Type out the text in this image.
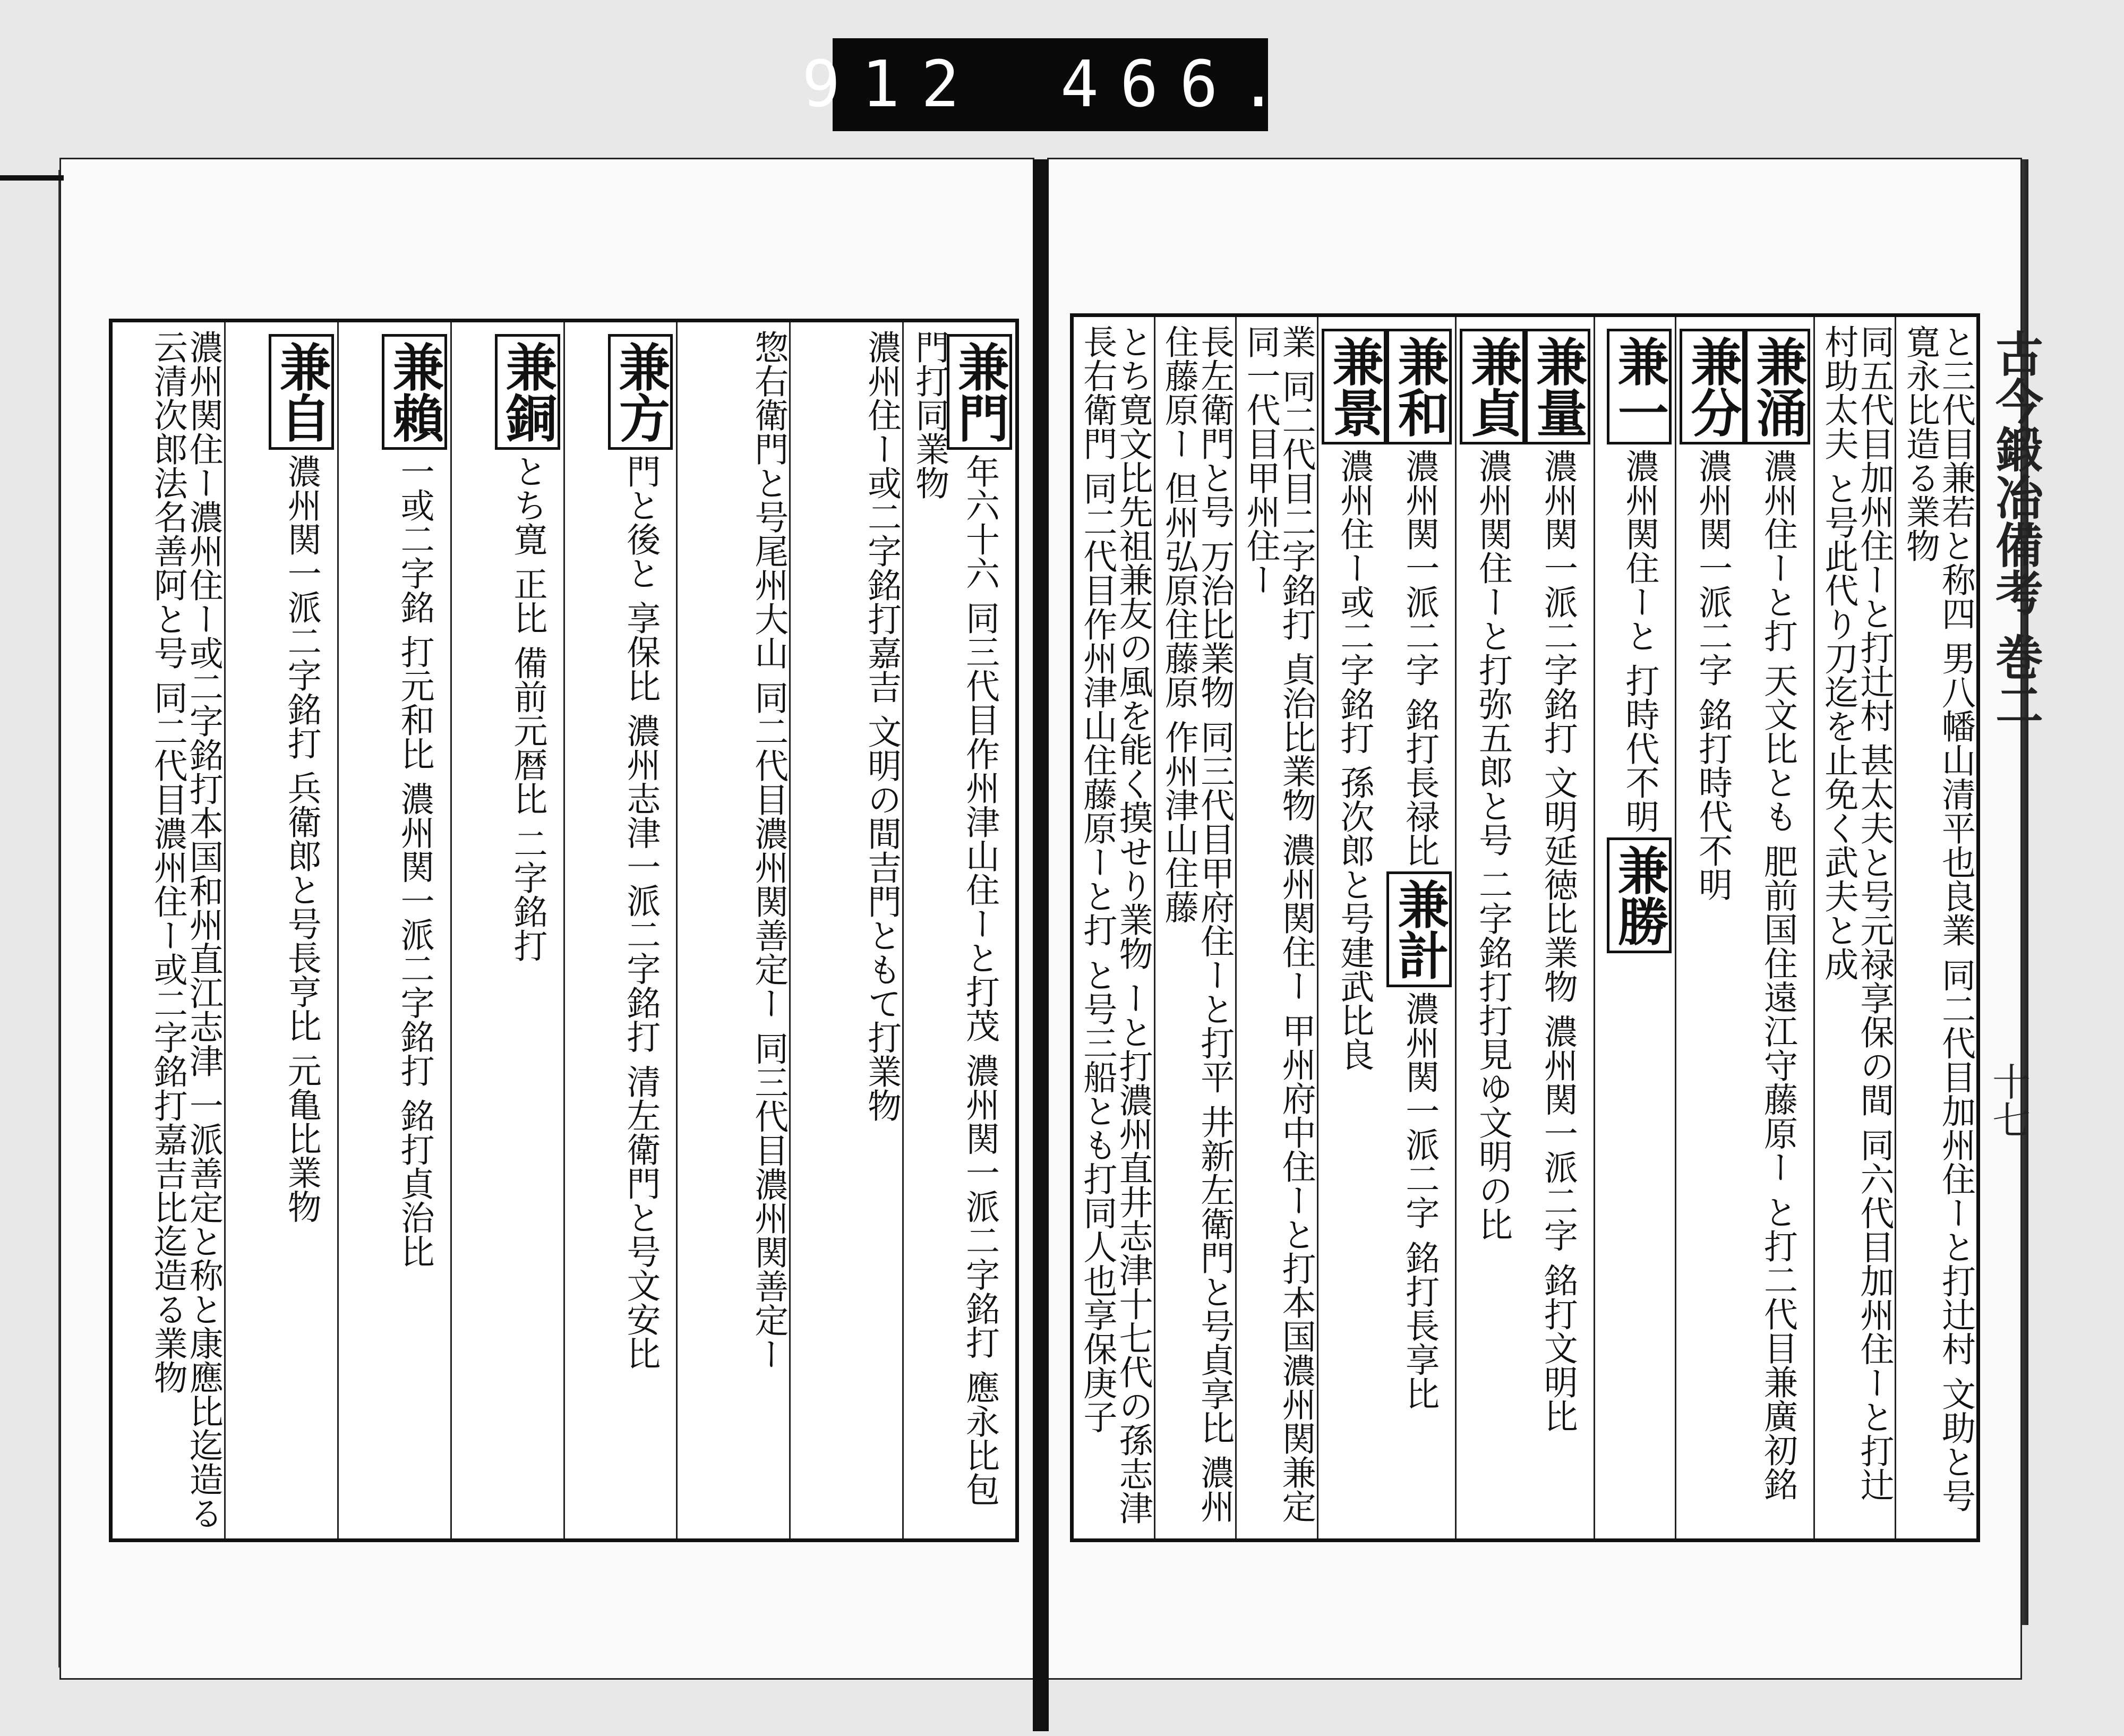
912 466.
古今鍛冶備考 巻二
十七
兼門年六十六 同三代目作州津山住ーと打茂 濃州関一派二字銘打 應永比包門打同業物
濃州住ー或二字銘打嘉吉 文明の間吉門ともて打業物
惣右衛門と号尾州大山 同二代目濃州関善定ー 同三代目濃州関善定ー
兼方門と後と 享保比 濃州志津一派二字銘打 清左衛門と号文安比
兼銅とち寛 正比 備前元暦比 二字銘打
兼賴一或二字銘 打元和比 濃州関一派二字銘打 銘打貞治比
兼自濃州関一派二字銘打 兵衛郎と号長亨比 元亀比業物
濃州関住ー濃州住ー或二字銘打本国和州直江志津 一派善定と称と康應比迄造る云清次郎法名善阿と号 同二代目濃州住ー或二字銘打嘉吉比迄造る業物	と三代目兼若と称四 男八幡山清平也良業 同二代目加州住ーと打辻村 文助と号寛永比造る業物
同五代目加州住ーと打辻村 甚太夫と号元禄享保の間 同六代目加州住ーと打辻村助太夫 と号此代り刀迄を止免く武夫と成
兼涌濃州住ーと打 天文比とも 肥前国住遠江守藤原ー と打二代目兼廣初銘兼分濃州関一派二字 銘打時代不明
兼一濃州関住ーと 打時代不明兼勝
兼量濃州関一派二字銘打 文明延徳比業物 濃州関一派二字 銘打文明比兼貞濃州関住ーと打弥五郎と号 二字銘打打見ゆ文明の比
兼和濃州関一派二字 銘打長禄比兼計濃州関一派二字 銘打長享比兼景濃州住ー或二字銘打 孫次郎と号建武比良
業 同二代目二字銘打 貞治比業物 濃州関住ー 甲州府中住ーと打本国濃州関兼定 同一代目甲州住ー
長左衛門と号 万治比業物 同三代目甲府住ーと打平 井新左衛門と号貞享比 濃州住藤原ー 但州弘原住藤原 作州津山住藤
とち寛文比先祖兼友の風を能く摸せり業物 ーと打濃州直井志津十七代の孫志津長右衛門 同二代目作州津山住藤原ーと打 と号三船とも打同人也享保庚子
